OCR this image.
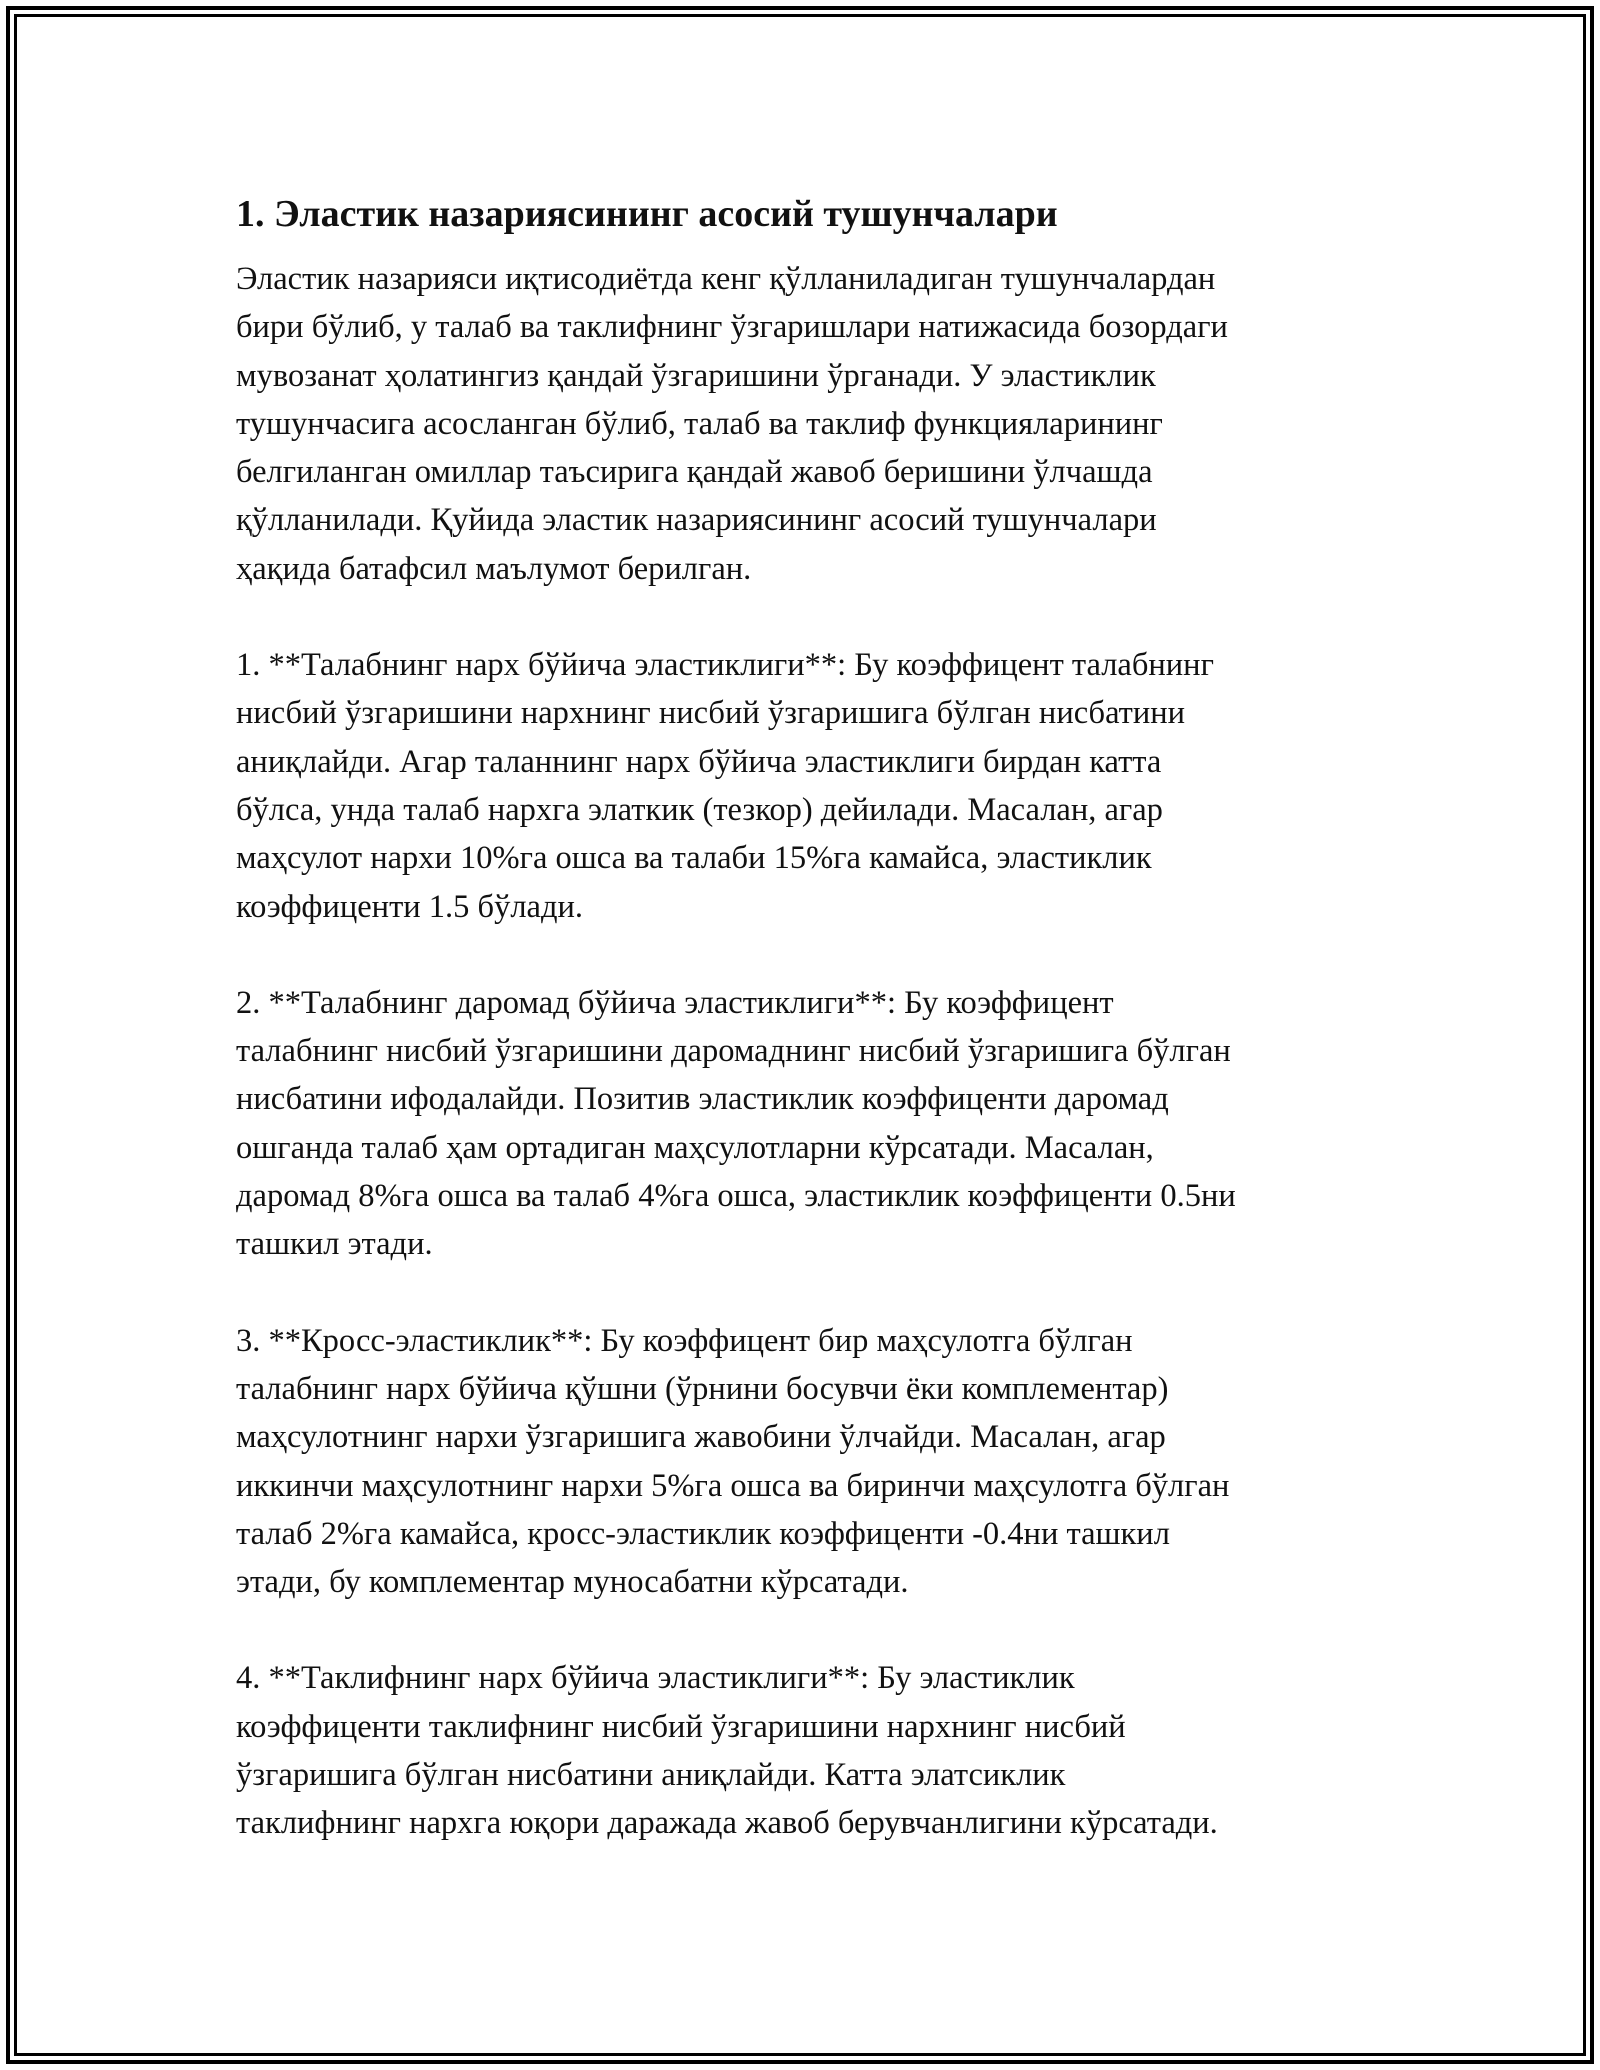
1. Эластик назариясининг асосий тушунчалари

Эластик назарияси иқтисодиётда кенг қўлланиладиган тушунчалардан
бири бўлиб, у талаб ва таклифнинг ўзгаришлари натижасида бозордаги
мувозанат ҳолатингиз қандай ўзгаришини ўрганади. У эластиклик
тушунчасига асосланган бўлиб, талаб ва таклиф функцияларининг
белгиланган омиллар таъсирига қандай жавоб беришини ўлчашда
қўлланилади. Қуйида эластик назариясининг асосий тушунчалари
ҳақида батафсил маълумот берилган.

1. **Талабнинг нарх бўйича эластиклиги**: Бу коэффицент талабнинг
нисбий ўзгаришини нархнинг нисбий ўзгаришига бўлган нисбатини
аниқлайди. Агар таланнинг нарх бўйича эластиклиги бирдан катта
бўлса, унда талаб нархга элаткик (тезкор) дейилади. Масалан, агар
маҳсулот нархи 10%га ошса ва талаби 15%га камайса, эластиклик
коэффиценти 1.5 бўлади.

2. **Талабнинг даромад бўйича эластиклиги**: Бу коэффицент
талабнинг нисбий ўзгаришини даромаднинг нисбий ўзгаришига бўлган
нисбатини ифодалайди. Позитив эластиклик коэффиценти даромад
ошганда талаб ҳам ортадиган маҳсулотларни кўрсатади. Масалан,
даромад 8%га ошса ва талаб 4%га ошса, эластиклик коэффиценти 0.5ни
ташкил этади.

3. **Кросс-эластиклик**: Бу коэффицент бир маҳсулотга бўлган
талабнинг нарх бўйича қўшни (ўрнини босувчи ёки комплементар)
маҳсулотнинг нархи ўзгаришига жавобини ўлчайди. Масалан, агар
иккинчи маҳсулотнинг нархи 5%га ошса ва биринчи маҳсулотга бўлган
талаб 2%га камайса, кросс-эластиклик коэффиценти -0.4ни ташкил
этади, бу комплементар муносабатни кўрсатади.

4. **Таклифнинг нарх бўйича эластиклиги**: Бу эластиклик
коэффиценти таклифнинг нисбий ўзгаришини нархнинг нисбий
ўзгаришига бўлган нисбатини аниқлайди. Катта элатсиклик
таклифнинг нархга юқори даражада жавоб берувчанлигини кўрсатади.
